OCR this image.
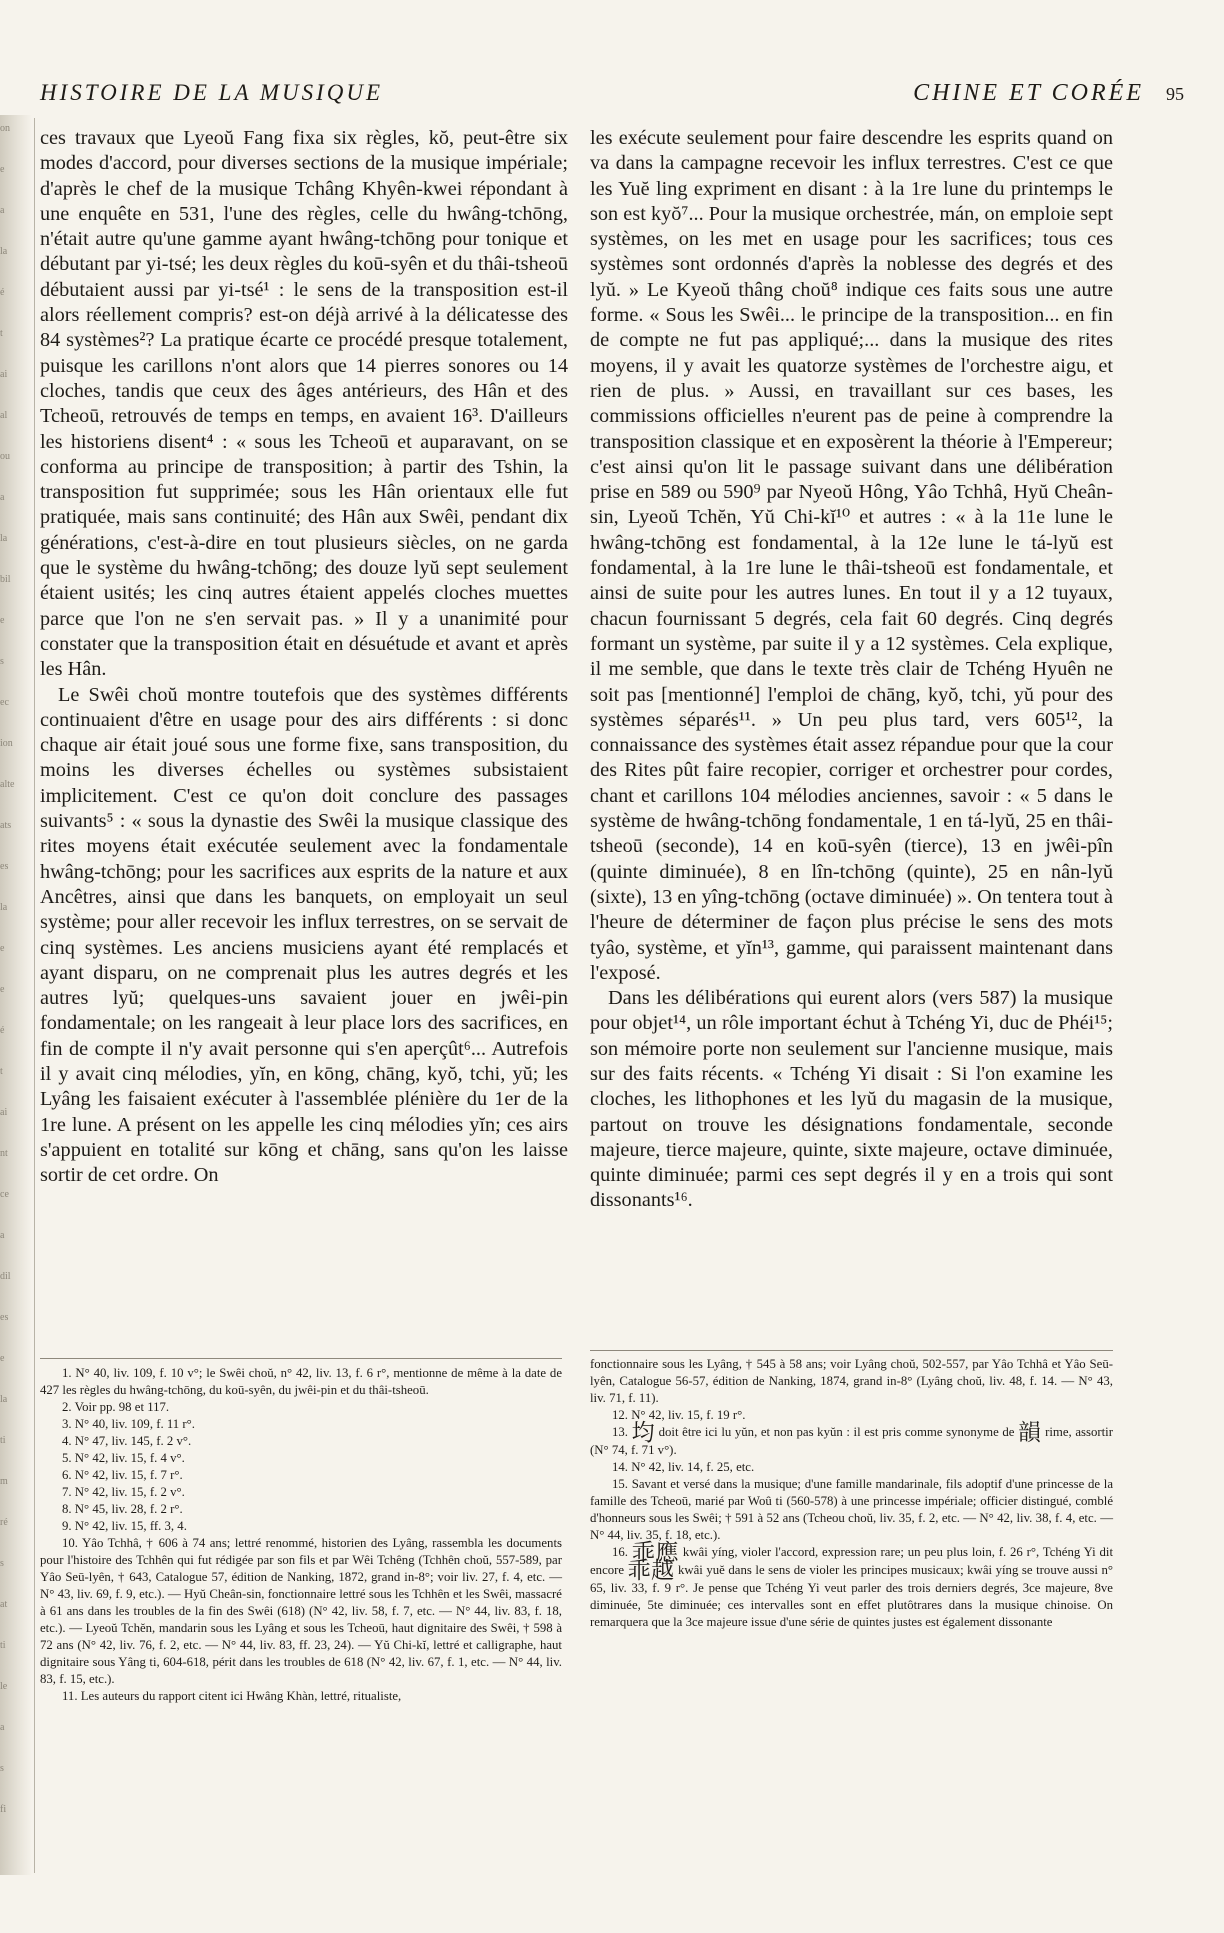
on
e
a
la
é
t
ai
al
ou
a
la
bil
e
s
ec
ion
alte
ats
es
la
e
e
é
t
ai
nt
ce
a
dil
es
e
la
ti
m
ré
s
at
ti
le
a
s
fi
HISTOIRE DE LA MUSIQUE	CHINE ET CORÉE 95

ces travaux que Lyeoŭ Fang fixa six règles, kŏ, peut-être six modes d'accord, pour diverses sections de la musique impériale; d'après le chef de la musique Tchâng Khyên-kwei répondant à une enquête en 531, l'une des règles, celle du hwâng-tchōng, n'était autre qu'une gamme ayant hwâng-tchōng pour tonique et débutant par yi-tsé; les deux règles du koū-syên et du thâi-tsheoū débutaient aussi par yi-tsé¹ : le sens de la transposition est-il alors réellement compris? est-on déjà arrivé à la délicatesse des 84 systèmes²? La pratique écarte ce procédé presque totalement, puisque les carillons n'ont alors que 14 pierres sonores ou 14 cloches, tandis que ceux des âges antérieurs, des Hân et des Tcheoū, retrouvés de temps en temps, en avaient 16³. D'ailleurs les historiens disent⁴ : « sous les Tcheoū et auparavant, on se conforma au principe de transposition; à partir des Tshin, la transposition fut supprimée; sous les Hân orientaux elle fut pratiquée, mais sans continuité; des Hân aux Swêi, pendant dix générations, c'est-à-dire en tout plusieurs siècles, on ne garda que le système du hwâng-tchōng; des douze lyŭ sept seulement étaient usités; les cinq autres étaient appelés cloches muettes parce que l'on ne s'en servait pas. » Il y a unanimité pour constater que la transposition était en désuétude et avant et après les Hân.

Le Swêi choŭ montre toutefois que des systèmes différents continuaient d'être en usage pour des airs différents : si donc chaque air était joué sous une forme fixe, sans transposition, du moins les diverses échelles ou systèmes subsistaient implicitement. C'est ce qu'on doit conclure des passages suivants⁵ : « sous la dynastie des Swêi la musique classique des rites moyens était exécutée seulement avec la fondamentale hwâng-tchōng; pour les sacrifices aux esprits de la nature et aux Ancêtres, ainsi que dans les banquets, on employait un seul système; pour aller recevoir les influx terrestres, on se servait de cinq systèmes. Les anciens musiciens ayant été remplacés et ayant disparu, on ne comprenait plus les autres degrés et les autres lyŭ; quelques-uns savaient jouer en jwêi-pin fondamentale; on les rangeait à leur place lors des sacrifices, en fin de compte il n'y avait personne qui s'en aperçût⁶... Autrefois il y avait cinq mélodies, yĭn, en kōng, chāng, kyŏ, tchi, yŭ; les Lyâng les faisaient exécuter à l'assemblée plénière du 1er de la 1re lune. A présent on les appelle les cinq mélodies yĭn; ces airs s'appuient en totalité sur kōng et chāng, sans qu'on les laisse sortir de cet ordre. On

les exécute seulement pour faire descendre les esprits quand on va dans la campagne recevoir les influx terrestres. C'est ce que les Yuĕ ling expriment en disant : à la 1re lune du printemps le son est kyŏ⁷... Pour la musique orchestrée, mán, on emploie sept systèmes, on les met en usage pour les sacrifices; tous ces systèmes sont ordonnés d'après la noblesse des degrés et des lyŭ. » Le Kyeoŭ thâng choŭ⁸ indique ces faits sous une autre forme. « Sous les Swêi... le principe de la transposition... en fin de compte ne fut pas appliqué;... dans la musique des rites moyens, il y avait les quatorze systèmes de l'orchestre aigu, et rien de plus. » Aussi, en travaillant sur ces bases, les commissions officielles n'eurent pas de peine à comprendre la transposition classique et en exposèrent la théorie à l'Empereur; c'est ainsi qu'on lit le passage suivant dans une délibération prise en 589 ou 590⁹ par Nyeoŭ Hông, Yâo Tchhâ, Hyŭ Cheân-sin, Lyeoŭ Tchĕn, Yŭ Chi-kĭ¹⁰ et autres : « à la 11e lune le hwâng-tchōng est fondamental, à la 12e lune le tá-lyŭ est fondamental, à la 1re lune le thâi-tsheoū est fondamentale, et ainsi de suite pour les autres lunes. En tout il y a 12 tuyaux, chacun fournissant 5 degrés, cela fait 60 degrés. Cinq degrés formant un système, par suite il y a 12 systèmes. Cela explique, il me semble, que dans le texte très clair de Tchéng Hyuên ne soit pas [mentionné] l'emploi de chāng, kyŏ, tchi, yŭ pour des systèmes séparés¹¹. » Un peu plus tard, vers 605¹², la connaissance des systèmes était assez répandue pour que la cour des Rites pût faire recopier, corriger et orchestrer pour cordes, chant et carillons 104 mélodies anciennes, savoir : « 5 dans le système de hwâng-tchōng fondamentale, 1 en tá-lyŭ, 25 en thâi-tsheoū (seconde), 14 en koū-syên (tierce), 13 en jwêi-pîn (quinte diminuée), 8 en lîn-tchōng (quinte), 25 en nân-lyŭ (sixte), 13 en yîng-tchōng (octave diminuée) ». On tentera tout à l'heure de déterminer de façon plus précise le sens des mots tyâo, système, et yĭn¹³, gamme, qui paraissent maintenant dans l'exposé.

Dans les délibérations qui eurent alors (vers 587) la musique pour objet¹⁴, un rôle important échut à Tchéng Yi, duc de Phéi¹⁵; son mémoire porte non seulement sur l'ancienne musique, mais sur des faits récents. « Tchéng Yi disait : Si l'on examine les cloches, les lithophones et les lyŭ du magasin de la musique, partout on trouve les désignations fondamentale, seconde majeure, tierce majeure, quinte, sixte majeure, octave diminuée, quinte diminuée; parmi ces sept degrés il y en a trois qui sont dissonants¹⁶.

1. N° 40, liv. 109, f. 10 v°; le Swêi choŭ, n° 42, liv. 13, f. 6 r°, mentionne de même à la date de 427 les règles du hwâng-tchōng, du koū-syên, du jwêi-pin et du thâi-tsheoū.

2. Voir pp. 98 et 117.

3. N° 40, liv. 109, f. 11 r°.

4. N° 47, liv. 145, f. 2 v°.

5. N° 42, liv. 15, f. 4 v°.

6. N° 42, liv. 15, f. 7 r°.

7. N° 42, liv. 15, f. 2 v°.

8. N° 45, liv. 28, f. 2 r°.

9. N° 42, liv. 15, ff. 3, 4.

10. Yâo Tchhâ, † 606 à 74 ans; lettré renommé, historien des Lyâng, rassembla les documents pour l'histoire des Tchhên qui fut rédigée par son fils et par Wêi Tchêng (Tchhên choŭ, 557-589, par Yâo Seū-lyên, † 643, Catalogue 57, édition de Nanking, 1872, grand in-8°; voir liv. 27, f. 4, etc. — N° 43, liv. 69, f. 9, etc.). — Hyŭ Cheân-sin, fonctionnaire lettré sous les Tchhên et les Swêi, massacré à 61 ans dans les troubles de la fin des Swêi (618) (N° 42, liv. 58, f. 7, etc. — N° 44, liv. 83, f. 18, etc.). — Lyeoŭ Tchĕn, mandarin sous les Lyâng et sous les Tcheoū, haut dignitaire des Swêi, † 598 à 72 ans (N° 42, liv. 76, f. 2, etc. — N° 44, liv. 83, ff. 23, 24). — Yŭ Chi-kĭ, lettré et calligraphe, haut dignitaire sous Yâng ti, 604-618, périt dans les troubles de 618 (N° 42, liv. 67, f. 1, etc. — N° 44, liv. 83, f. 15, etc.).

11. Les auteurs du rapport citent ici Hwâng Khàn, lettré, ritualiste,

fonctionnaire sous les Lyâng, † 545 à 58 ans; voir Lyâng choŭ, 502-557, par Yâo Tchhâ et Yâo Seū-lyên, Catalogue 56-57, édition de Nanking, 1874, grand in-8° (Lyâng choŭ, liv. 48, f. 14. — N° 43, liv. 71, f. 11).

12. N° 42, liv. 15, f. 19 r°.

13. 均 doit être ici lu yŭn, et non pas kyŭn : il est pris comme synonyme de 韻 rime, assortir (N° 74, f. 71 v°).

14. N° 42, liv. 14, f. 25, etc.

15. Savant et versé dans la musique; d'une famille mandarinale, fils adoptif d'une princesse de la famille des Tcheoū, marié par Woû ti (560-578) à une princesse impériale; officier distingué, comblé d'honneurs sous les Swêi; † 591 à 52 ans (Tcheou choŭ, liv. 35, f. 2, etc. — N° 42, liv. 38, f. 4, etc. — N° 44, liv. 35, f. 18, etc.).

16. 乖應 kwâi yíng, violer l'accord, expression rare; un peu plus loin, f. 26 r°, Tchéng Yi dit encore 乖越 kwâi yuĕ dans le sens de violer les principes musicaux; kwâi yíng se trouve aussi n° 65, liv. 33, f. 9 r°. Je pense que Tchéng Yi veut parler des trois derniers degrés, 3ce majeure, 8ve diminuée, 5te diminuée; ces intervalles sont en effet plutôtrares dans la musique chinoise. On remarquera que la 3ce majeure issue d'une série de quintes justes est également dissonante
